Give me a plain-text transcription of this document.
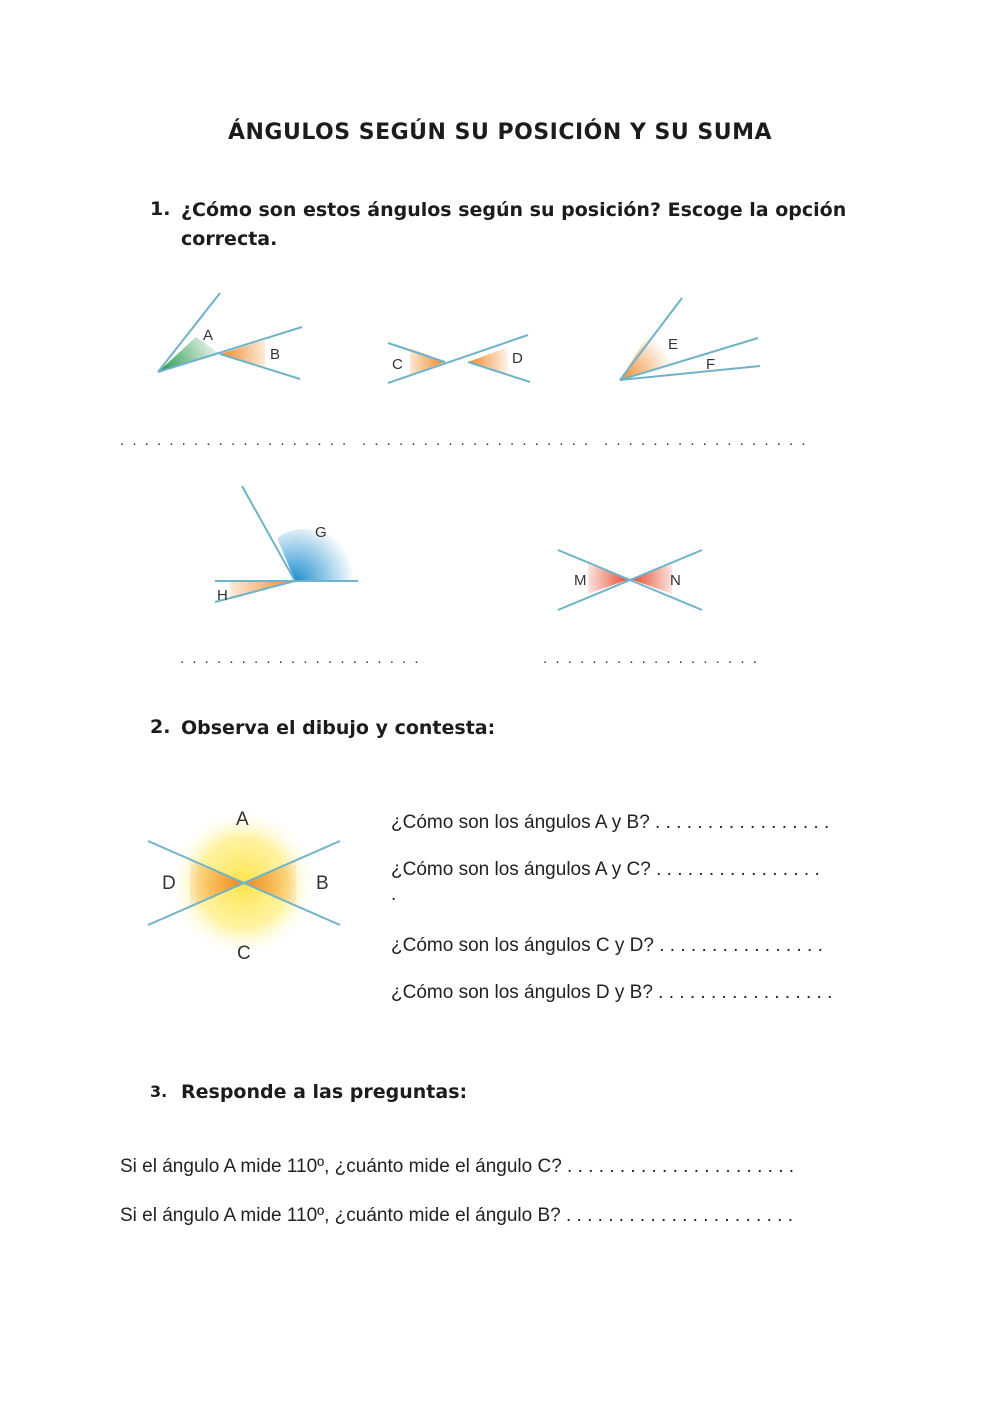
ÁNGULOS SEGÚN SU POSICIÓN Y SU SUMA
1. ¿Cómo son estos ángulos según su posición? Escoge la opción correcta.
A
B
C	D
E
F
. . . . . . . . . . . . . . . . . . . . . . . . . . . . . . . . . . . . . . . . . . . . . . . . . . . . . . .
G
H
M	N
. . . . . . . . . . . . . . . . . . . .	. . . . . . . . . . . . . . . . . .
2. Observa el dibujo y contesta:
A
B
C
D
¿Cómo son los ángulos A y B? . . . . . . . . . . . . . . . . .
¿Cómo son los ángulos A y C? . . . . . . . . . . . . . . . .
.
¿Cómo son los ángulos C y D? . . . . . . . . . . . . . . . .
¿Cómo son los ángulos D y B? . . . . . . . . . . . . . . . . .
3. Responde a las preguntas:
Si el ángulo A mide 110º, ¿cuánto mide el ángulo C? . . . . . . . . . . . . . . . . . . . . . .
Si el ángulo A mide 110º, ¿cuánto mide el ángulo B? . . . . . . . . . . . . . . . . . . . . . .
